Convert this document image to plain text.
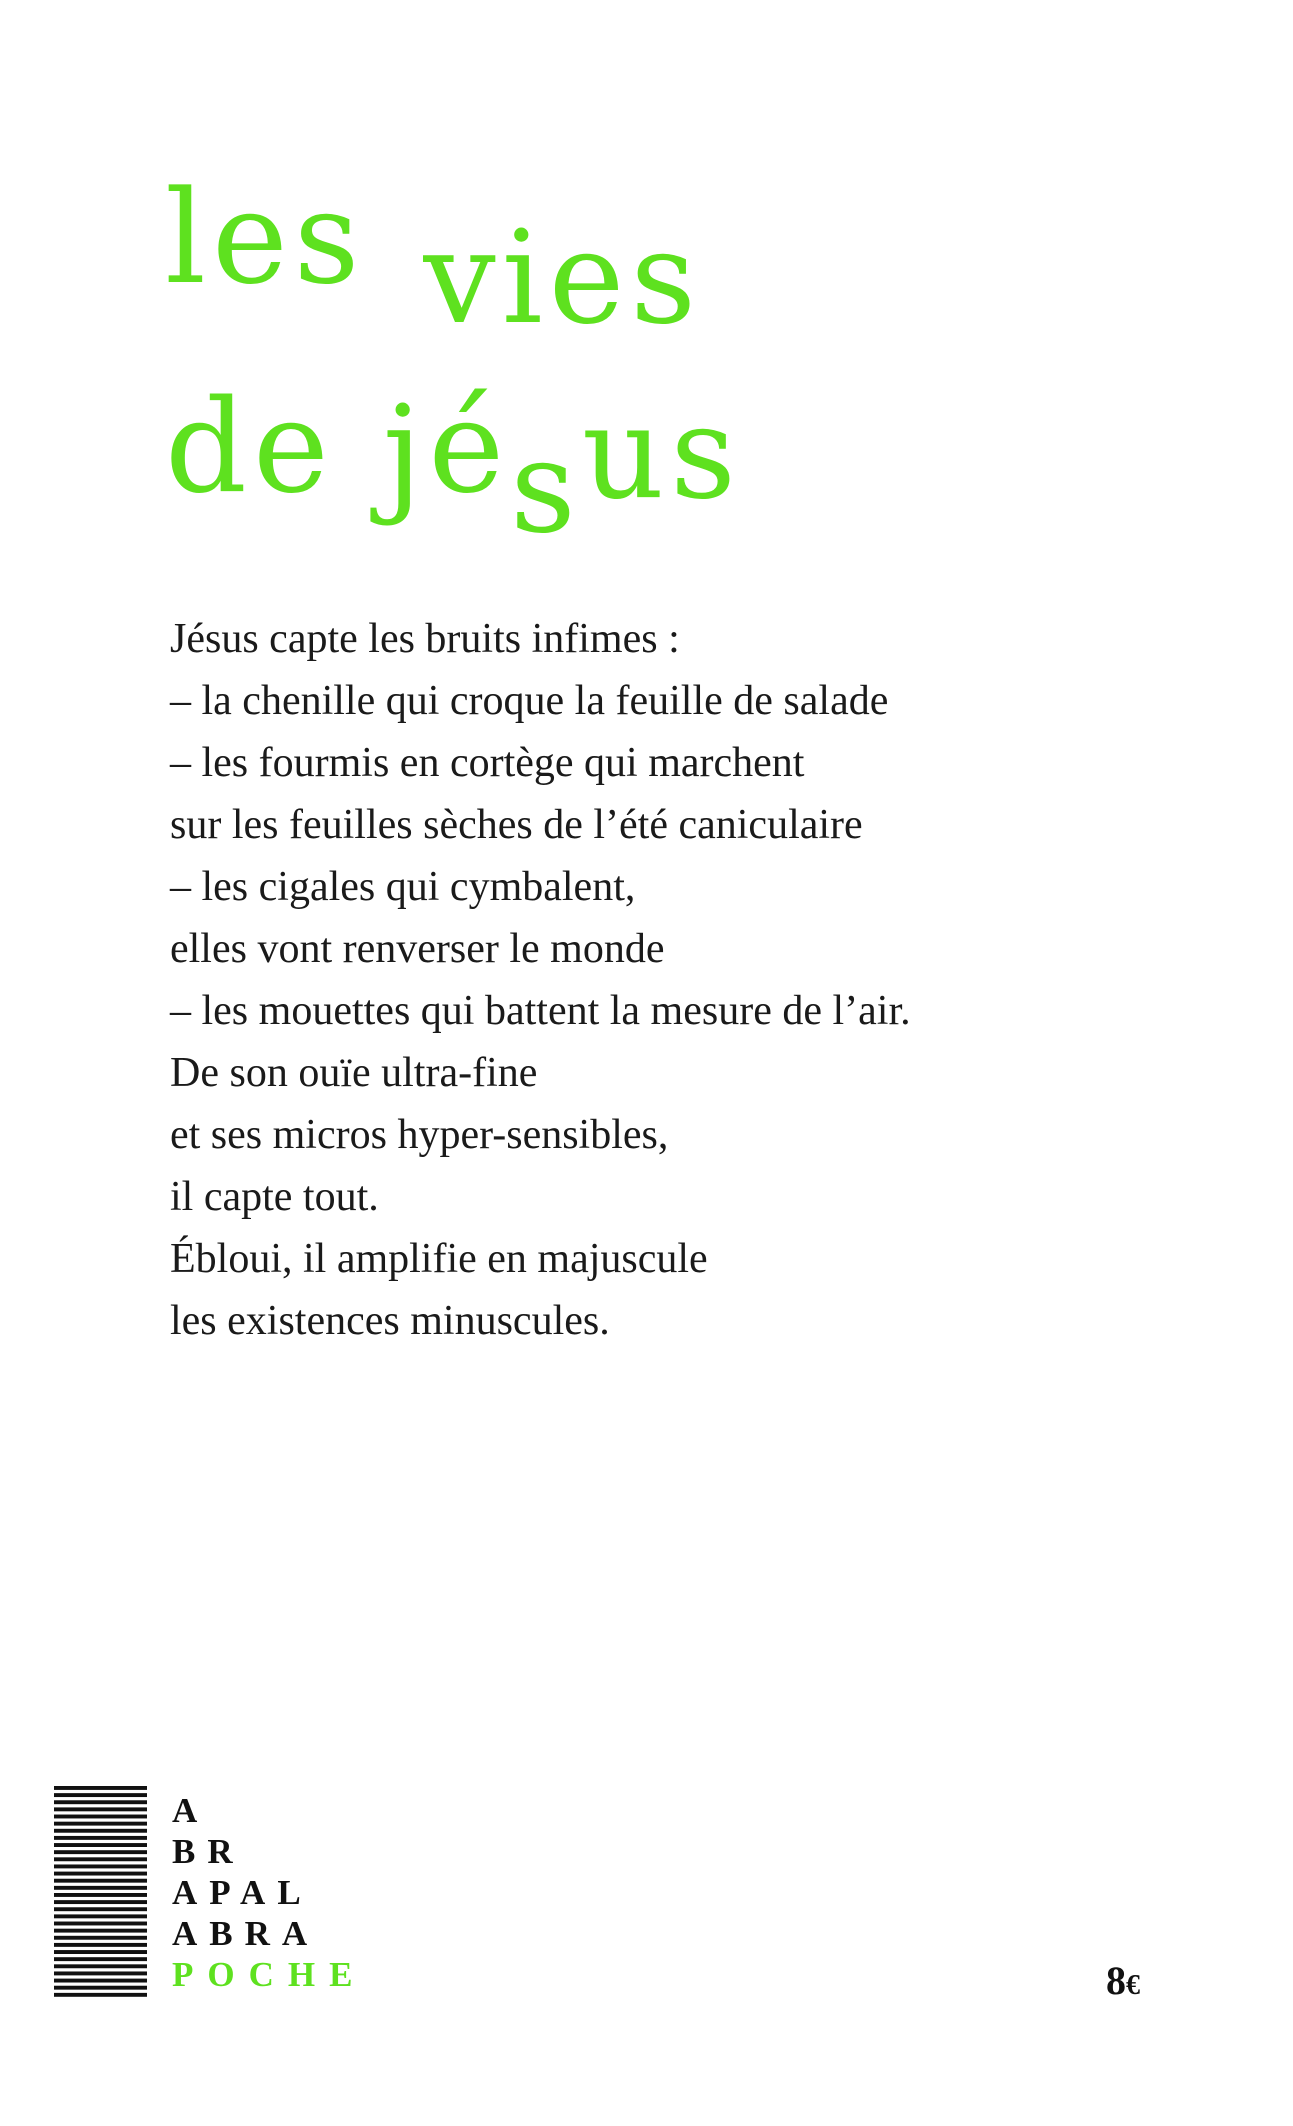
les vies
de jésus
Jésus capte les bruits infimes :
– la chenille qui croque la feuille de salade
– les fourmis en cortège qui marchent
sur les feuilles sèches de l’été caniculaire
– les cigales qui cymbalent,
elles vont renverser le monde
– les mouettes qui battent la mesure de l’air.
De son ouïe ultra-fine
et ses micros hyper-sensibles,
il capte tout.
Ébloui, il amplifie en majuscule
les existences minuscules.
A
BR
APAL
ABRA
POCHE	8€
